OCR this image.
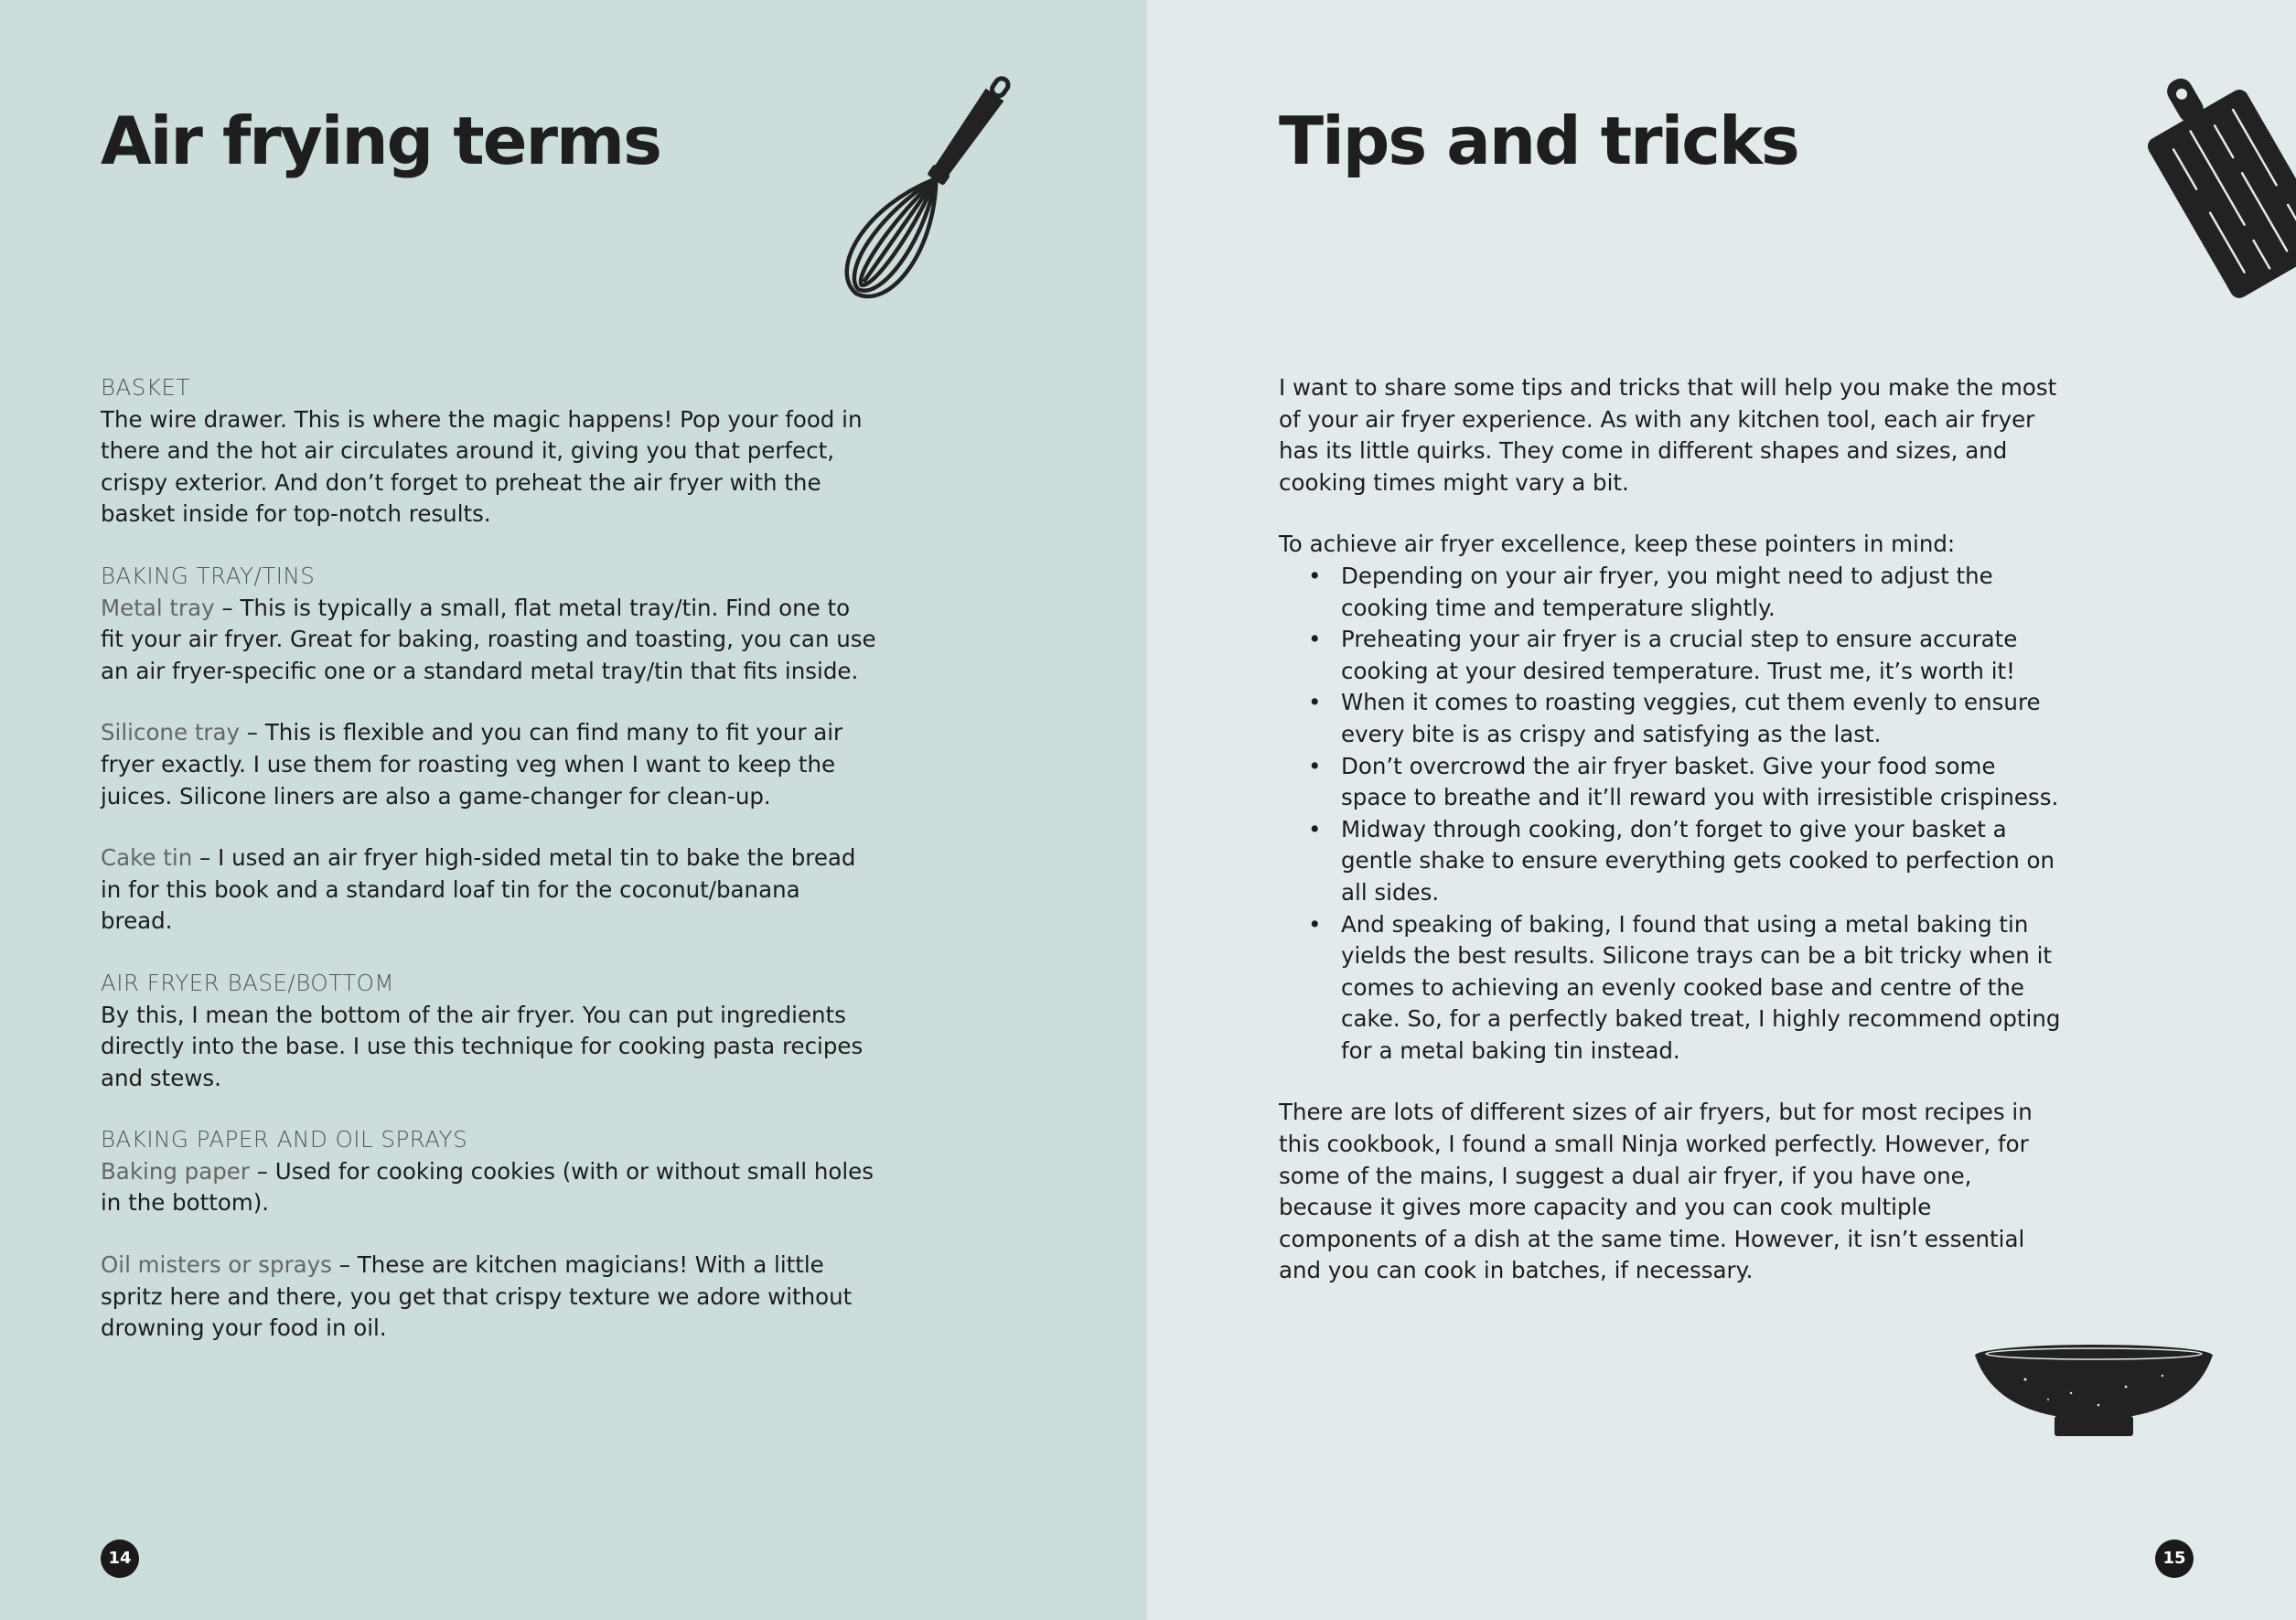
Air frying terms
BASKET

The wire drawer. This is where the magic happens! Pop your food in there and the hot air circulates around it, giving you that perfect, crispy exterior. And don’t forget to preheat the air fryer with the basket inside for top-notch results.

BAKING TRAY/TINS

Metal tray – This is typically a small, flat metal tray/tin. Find one to fit your air fryer. Great for baking, roasting and toasting, you can use an air fryer-specific one or a standard metal tray/tin that fits inside.

Silicone tray – This is flexible and you can find many to fit your air fryer exactly. I use them for roasting veg when I want to keep the juices. Silicone liners are also a game-changer for clean-up.

Cake tin – I used an air fryer high-sided metal tin to bake the bread in for this book and a standard loaf tin for the coconut/banana bread.

AIR FRYER BASE/BOTTOM

By this, I mean the bottom of the air fryer. You can put ingredients directly into the base. I use this technique for cooking pasta recipes and stews.

BAKING PAPER AND OIL SPRAYS

Baking paper – Used for cooking cookies (with or without small holes in the bottom).

Oil misters or sprays – These are kitchen magicians! With a little spritz here and there, you get that crispy texture we adore without drowning your food in oil.

14
Tips and tricks

I want to share some tips and tricks that will help you make the most of your air fryer experience. As with any kitchen tool, each air fryer has its little quirks. They come in different shapes and sizes, and cooking times might vary a bit.

To achieve air fryer excellence, keep these pointers in mind:

• Depending on your air fryer, you might need to adjust the cooking time and temperature slightly.
• Preheating your air fryer is a crucial step to ensure accurate cooking at your desired temperature. Trust me, it’s worth it!
• When it comes to roasting veggies, cut them evenly to ensure every bite is as crispy and satisfying as the last.
• Don’t overcrowd the air fryer basket. Give your food some space to breathe and it’ll reward you with irresistible crispiness.
• Midway through cooking, don’t forget to give your basket a gentle shake to ensure everything gets cooked to perfection on all sides.
• And speaking of baking, I found that using a metal baking tin yields the best results. Silicone trays can be a bit tricky when it comes to achieving an evenly cooked base and centre of the cake. So, for a perfectly baked treat, I highly recommend opting for a metal baking tin instead.

There are lots of different sizes of air fryers, but for most recipes in this cookbook, I found a small Ninja worked perfectly. However, for some of the mains, I suggest a dual air fryer, if you have one, because it gives more capacity and you can cook multiple components of a dish at the same time. However, it isn’t essential and you can cook in batches, if necessary.

15
